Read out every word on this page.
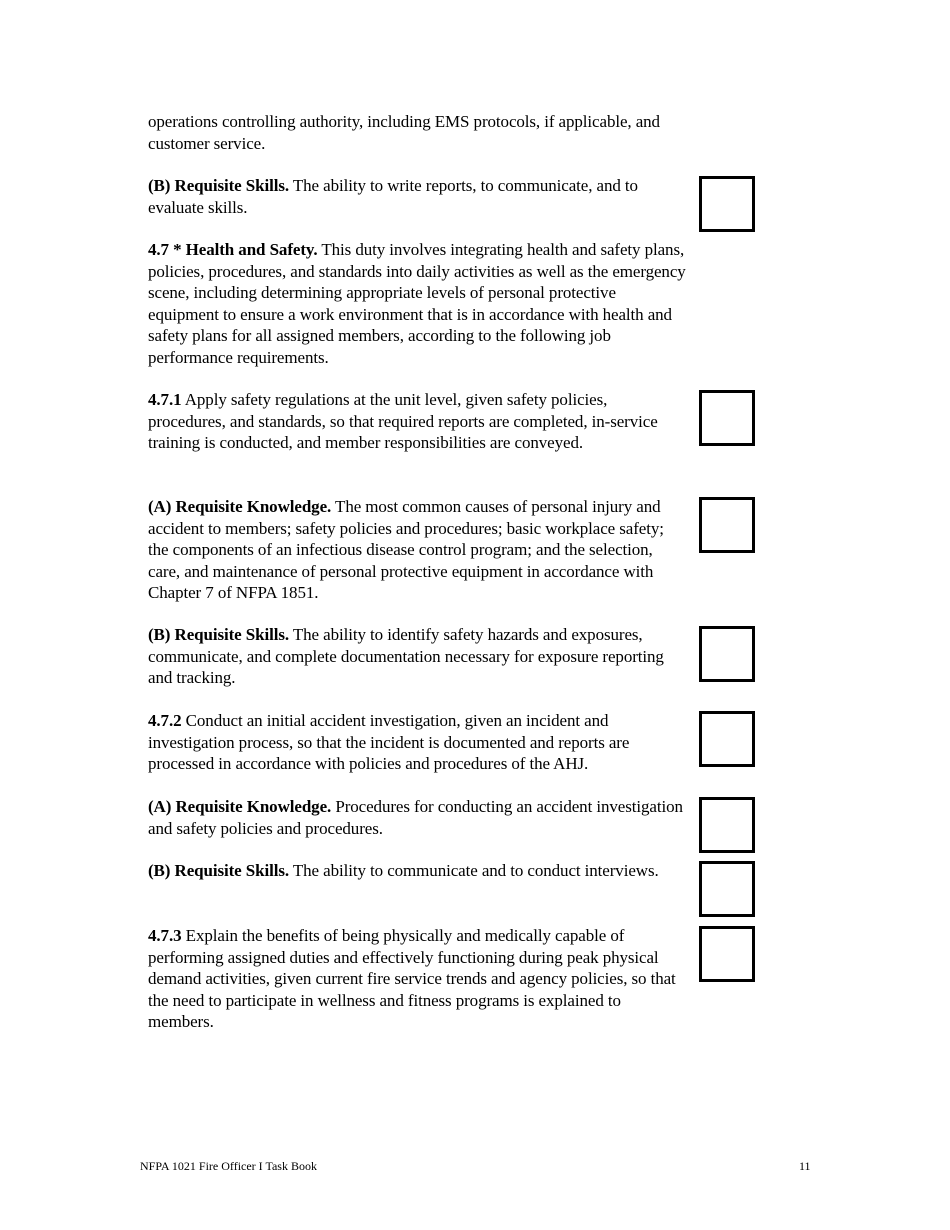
operations controlling authority, including EMS protocols, if applicable, and customer service.

(B) Requisite Skills. The ability to write reports, to communicate, and to evaluate skills.

4.7 * Health and Safety. This duty involves integrating health and safety plans, policies, procedures, and standards into daily activities as well as the emergency scene, including determining appropriate levels of personal protective equipment to ensure a work environment that is in accordance with health and safety plans for all assigned members, according to the following job performance requirements.

4.7.1 Apply safety regulations at the unit level, given safety policies, procedures, and standards, so that required reports are completed, in-service training is conducted, and member responsibilities are conveyed.

(A) Requisite Knowledge. The most common causes of personal injury and accident to members; safety policies and procedures; basic workplace safety; the components of an infectious disease control program; and the selection, care, and maintenance of personal protective equipment in accordance with Chapter 7 of NFPA 1851.

(B) Requisite Skills. The ability to identify safety hazards and exposures, communicate, and complete documentation necessary for exposure reporting and tracking.

4.7.2 Conduct an initial accident investigation, given an incident and investigation process, so that the incident is documented and reports are processed in accordance with policies and procedures of the AHJ.

(A) Requisite Knowledge. Procedures for conducting an accident investigation and safety policies and procedures.

(B) Requisite Skills. The ability to communicate and to conduct interviews.

4.7.3 Explain the benefits of being physically and medically capable of performing assigned duties and effectively functioning during peak physical demand activities, given current fire service trends and agency policies, so that the need to participate in wellness and fitness programs is explained to members.

NFPA 1021 Fire Officer I Task Book	11
